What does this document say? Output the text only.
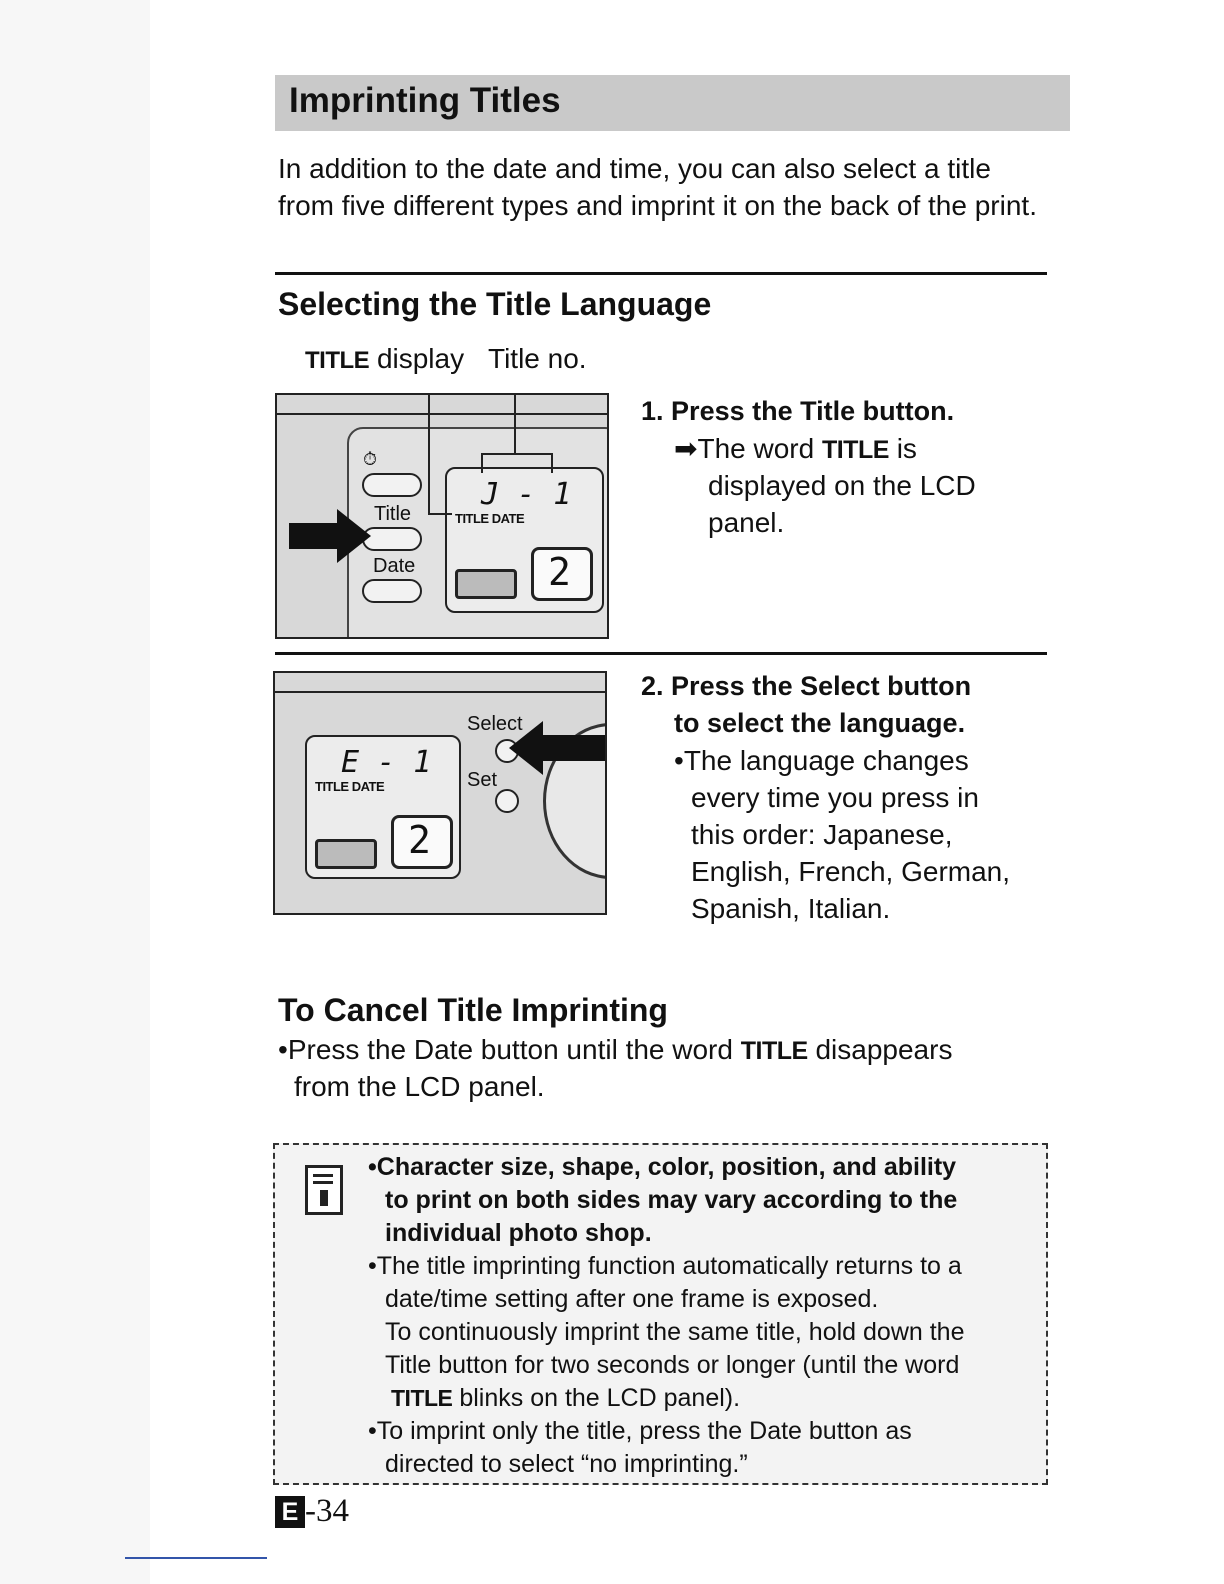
Imprinting Titles
In addition to the date and time, you can also select a title from five different types and imprint it on the back of the print.
Selecting the Title Language
TITLE display Title no.
⏱
Title
Date
J - 1
TITLE DATE
2
1. Press the Title button.
➡The word TITLE is
displayed on the LCD
panel.
Select
Set
E - 1
TITLE DATE
2
2. Press the Select button
to select the language.
•The language changes
every time you press in
this order: Japanese,
English, French, German,
Spanish, Italian.
To Cancel Title Imprinting
•Press the Date button until the word TITLE disappears
from the LCD panel.
•Character size, shape, color, position, and ability
to print on both sides may vary according to the
individual photo shop.
•The title imprinting function automatically returns to a
date/time setting after one frame is exposed.
To continuously imprint the same title, hold down the
Title button for two seconds or longer (until the word
TITLE blinks on the LCD panel).
•To imprint only the title, press the Date button as
directed to select “no imprinting.”
E -34
